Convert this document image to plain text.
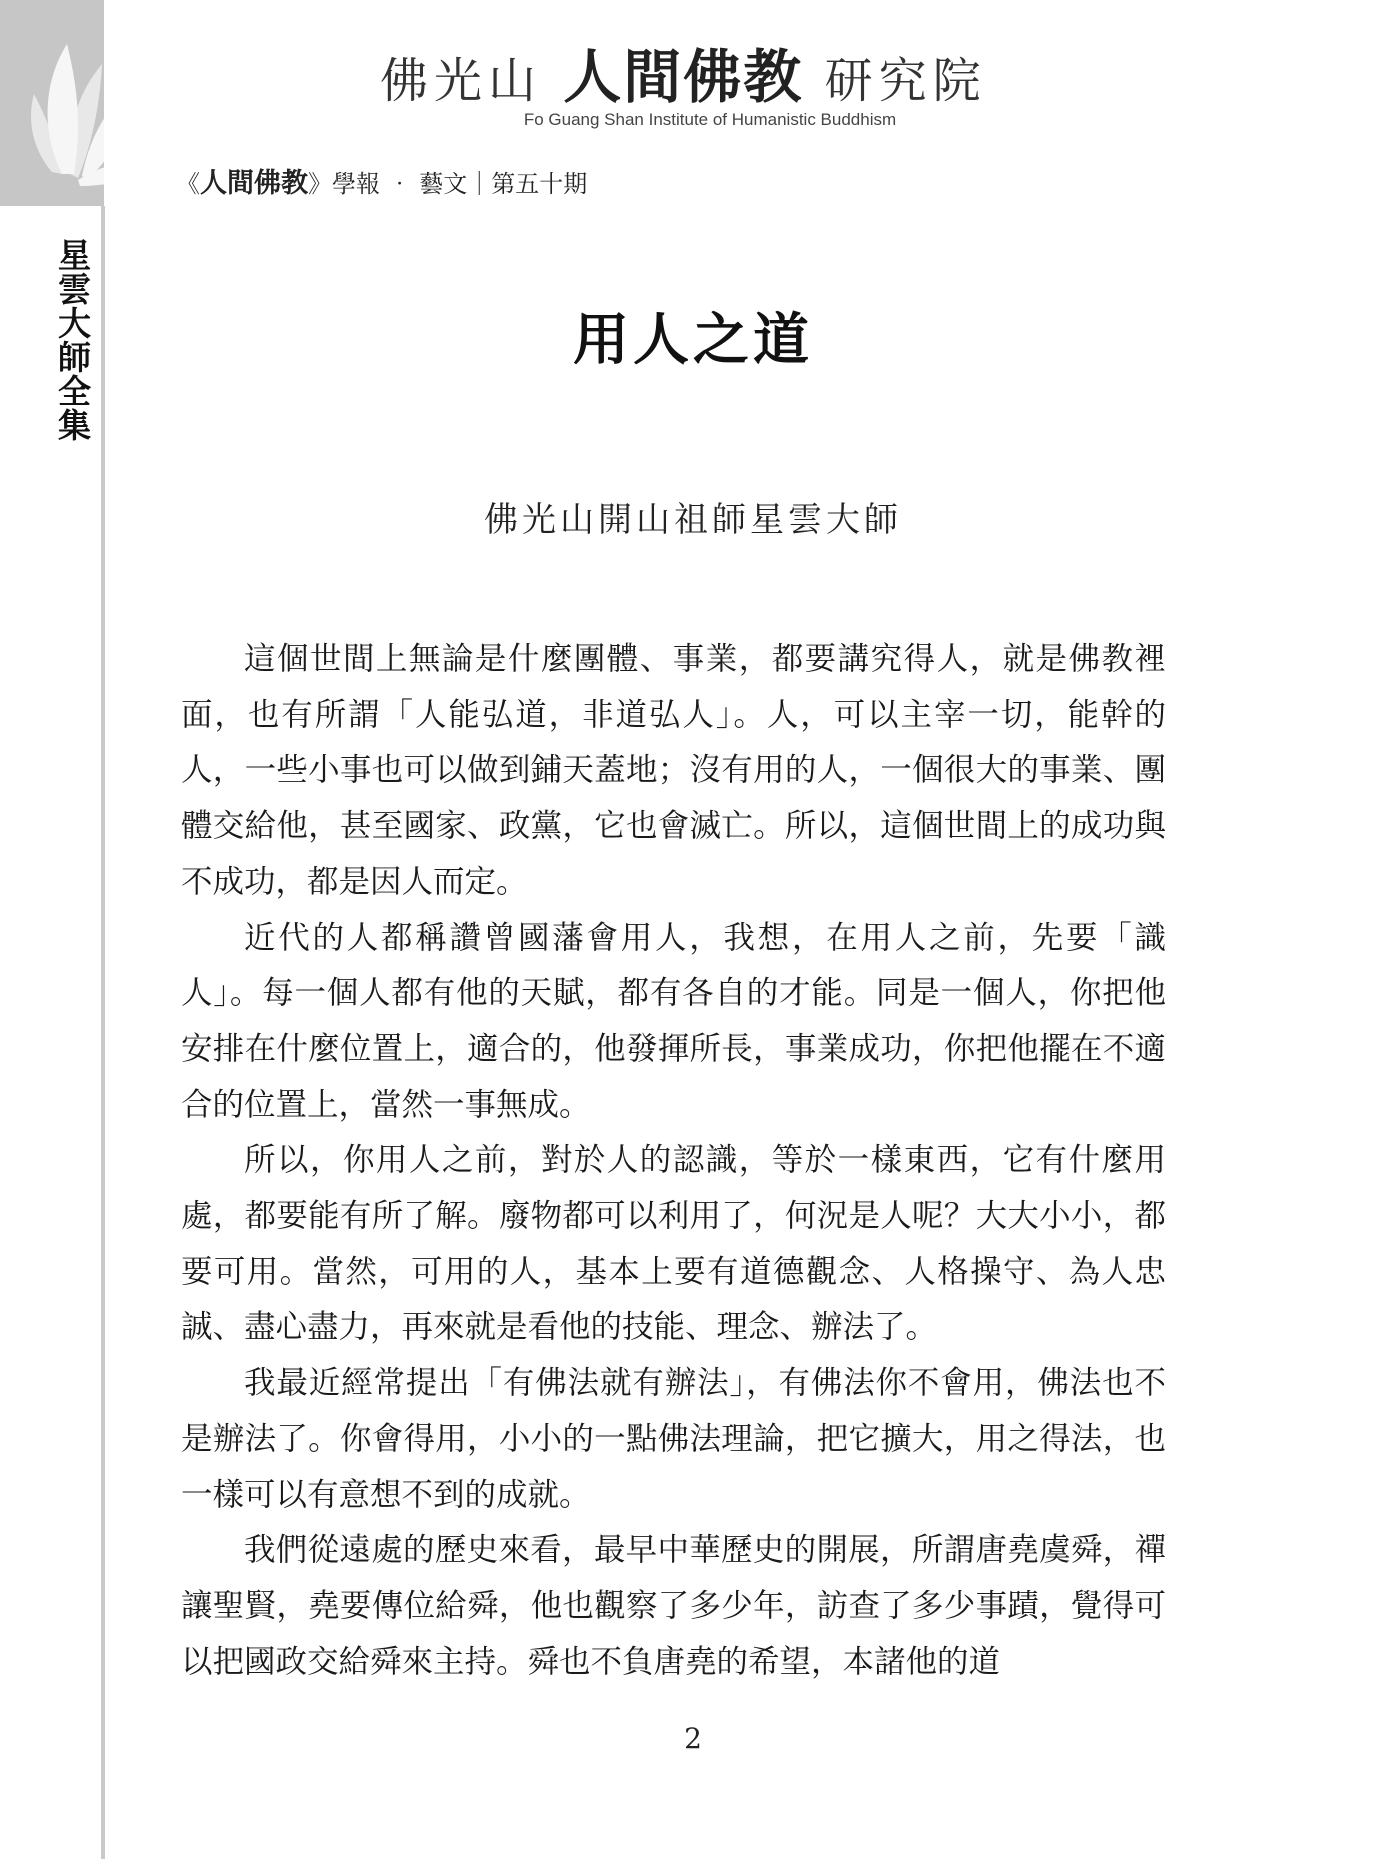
星雲大師全集
佛光山 人間佛教 研究院
Fo Guang Shan Institute of Humanistic Buddhism
《人間佛教》學報 ‧ 藝文｜第五十期
用人之道
佛光山開山祖師星雲大師

這個世間上無論是什麼團體、事業，都要講究得人，就是佛教裡面，也有所謂「人能弘道，非道弘人」。人，可以主宰一切，能幹的人，一些小事也可以做到鋪天蓋地；沒有用的人，一個很大的事業、團體交給他，甚至國家、政黨，它也會滅亡。所以，這個世間上的成功與不成功，都是因人而定。

近代的人都稱讚曾國藩會用人，我想，在用人之前，先要「識人」。每一個人都有他的天賦，都有各自的才能。同是一個人，你把他安排在什麼位置上，適合的，他發揮所長，事業成功，你把他擺在不適合的位置上，當然一事無成。

所以，你用人之前，對於人的認識，等於一樣東西，它有什麼用處，都要能有所了解。廢物都可以利用了，何況是人呢？大大小小，都要可用。當然，可用的人，基本上要有道德觀念、人格操守、為人忠誠、盡心盡力，再來就是看他的技能、理念、辦法了。

我最近經常提出「有佛法就有辦法」，有佛法你不會用，佛法也不是辦法了。你會得用，小小的一點佛法理論，把它擴大，用之得法，也一樣可以有意想不到的成就。

我們從遠處的歷史來看，最早中華歷史的開展，所謂唐堯虞舜，禪讓聖賢，堯要傳位給舜，他也觀察了多少年，訪查了多少事蹟，覺得可以把國政交給舜來主持。舜也不負唐堯的希望，本諸他的道

2
